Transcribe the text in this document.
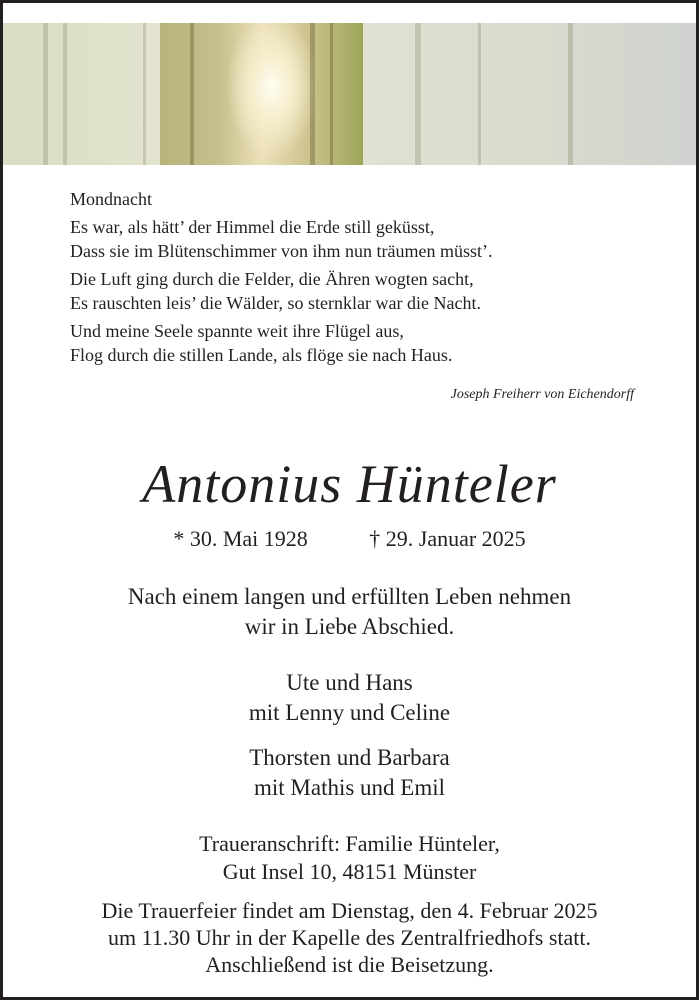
Mondnacht
Es war, als hätt’ der Himmel die Erde still geküsst,
Dass sie im Blütenschimmer von ihm nun träumen müsst’.
Die Luft ging durch die Felder, die Ähren wogten sacht,
Es rauschten leis’ die Wälder, so sternklar war die Nacht.
Und meine Seele spannte weit ihre Flügel aus,
Flog durch die stillen Lande, als flöge sie nach Haus.
Joseph Freiherr von Eichendorff
Antonius Hünteler
* 30. Mai 1928	† 29. Januar 2025
Nach einem langen und erfüllten Leben nehmen
wir in Liebe Abschied.
Ute und Hans
mit Lenny und Celine
Thorsten und Barbara
mit Mathis und Emil
Traueranschrift: Familie Hünteler,
Gut Insel 10, 48151 Münster
Die Trauerfeier findet am Dienstag, den 4. Februar 2025
um 11.30 Uhr in der Kapelle des Zentralfriedhofs statt.
Anschließend ist die Beisetzung.
